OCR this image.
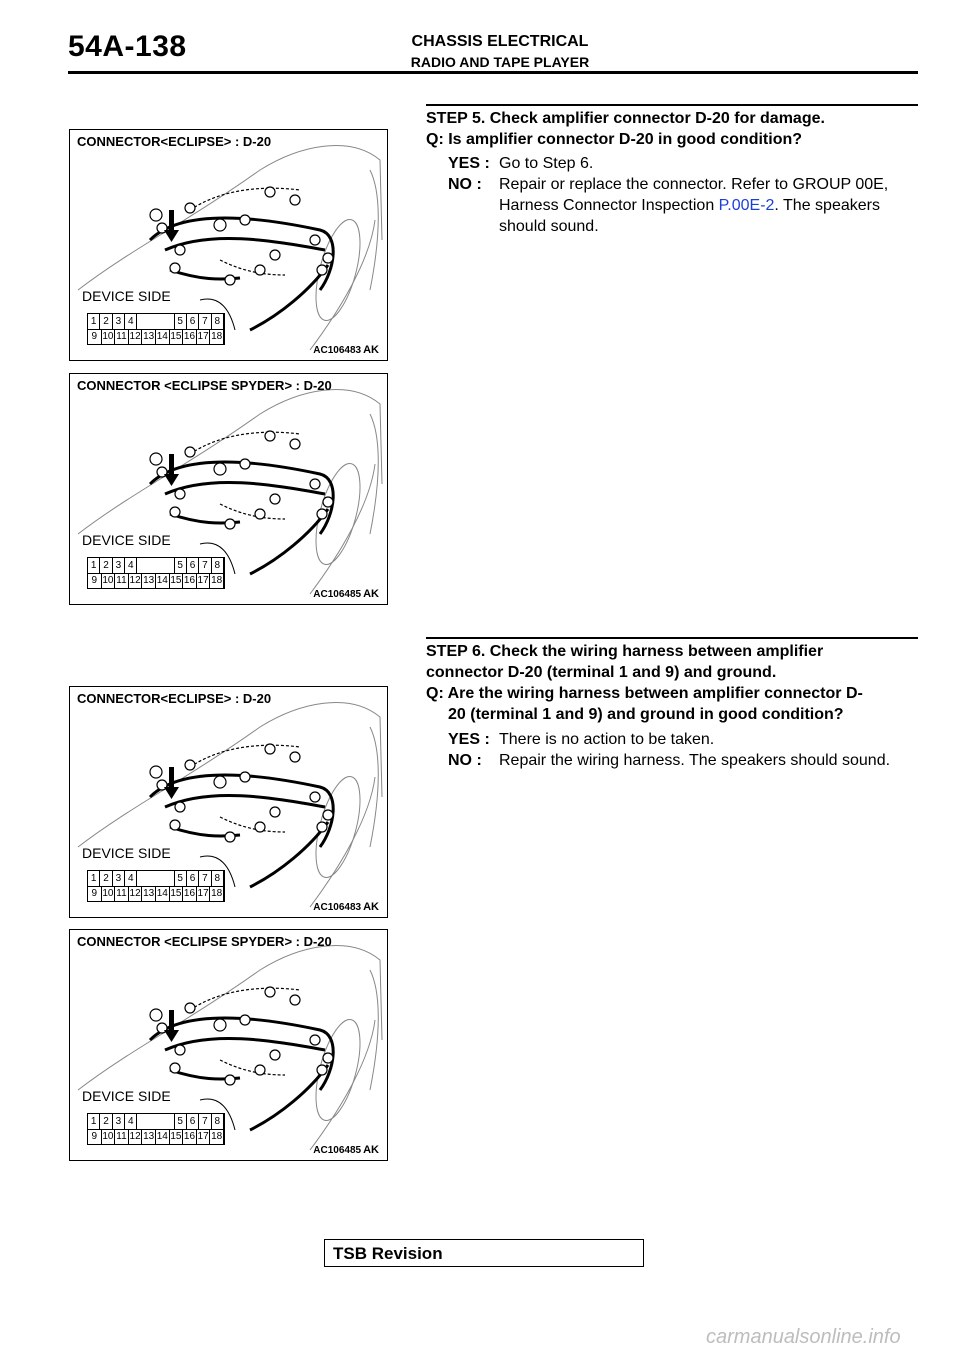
54A-138	CHASSIS ELECTRICAL
RADIO AND TAPE PLAYER
CONNECTOR<ECLIPSE> : D-20
DEVICE SIDE
1 2 3 4	5 6 7 8
9 10 11 12 13 14 15 16 17 18
AC106483 AK
CONNECTOR <ECLIPSE SPYDER> : D-20
DEVICE SIDE
1 2 3 4	5 6 7 8
9 10 11 12 13 14 15 16 17 18
AC106485 AK
CONNECTOR<ECLIPSE> : D-20
DEVICE SIDE
1 2 3 4	5 6 7 8
9 10 11 12 13 14 15 16 17 18
AC106483 AK
CONNECTOR <ECLIPSE SPYDER> : D-20
DEVICE SIDE
1 2 3 4	5 6 7 8
9 10 11 12 13 14 15 16 17 18
AC106485 AK
STEP 5. Check amplifier connector D-20 for damage.
Q: Is amplifier connector D-20 in good condition?
YES : Go to Step 6.
NO : Repair or replace the connector. Refer to GROUP 00E, Harness Connector Inspection P.00E-2. The speakers should sound.
STEP 6. Check the wiring harness between amplifier
connector D-20 (terminal 1 and 9) and ground.
Q: Are the wiring harness between amplifier connector D-
20 (terminal 1 and 9) and ground in good condition?
YES : There is no action to be taken.
NO : Repair the wiring harness. The speakers should sound.
TSB Revision
carmanualsonline.info
